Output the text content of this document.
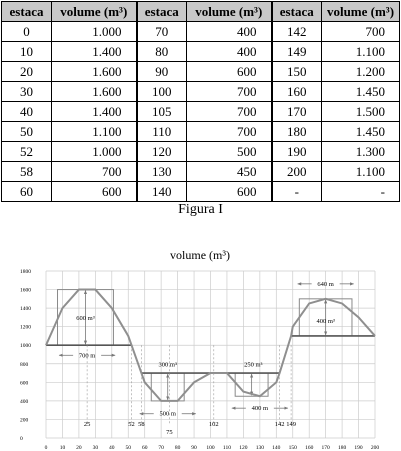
estaca	volume (m³)	estaca	volume (m³)	estaca	volume (m³)
0	1.000	70	400	142	700
10	1.400	80	400	149	1.100
20	1.600	90	600	150	1.200
30	1.600	100	700	160	1.450
40	1.400	105	700	170	1.500
50	1.100	110	700	180	1.450
52	1.000	120	500	190	1.300
58	700	130	450	200	1.100
60	600	140	600	-	-
Figura I
volume (m³)
600 m³
300 m³	250 m³
400 m³
700 m
500 m
400 m
640 m
25	52 58
75
102	142 149
0
200
400
600
800
1000
1200
1400
1600
1800
0 10 20 30 40 50 60 70 80 90 100 110 120 130 140 150 160 170 180 190 200
